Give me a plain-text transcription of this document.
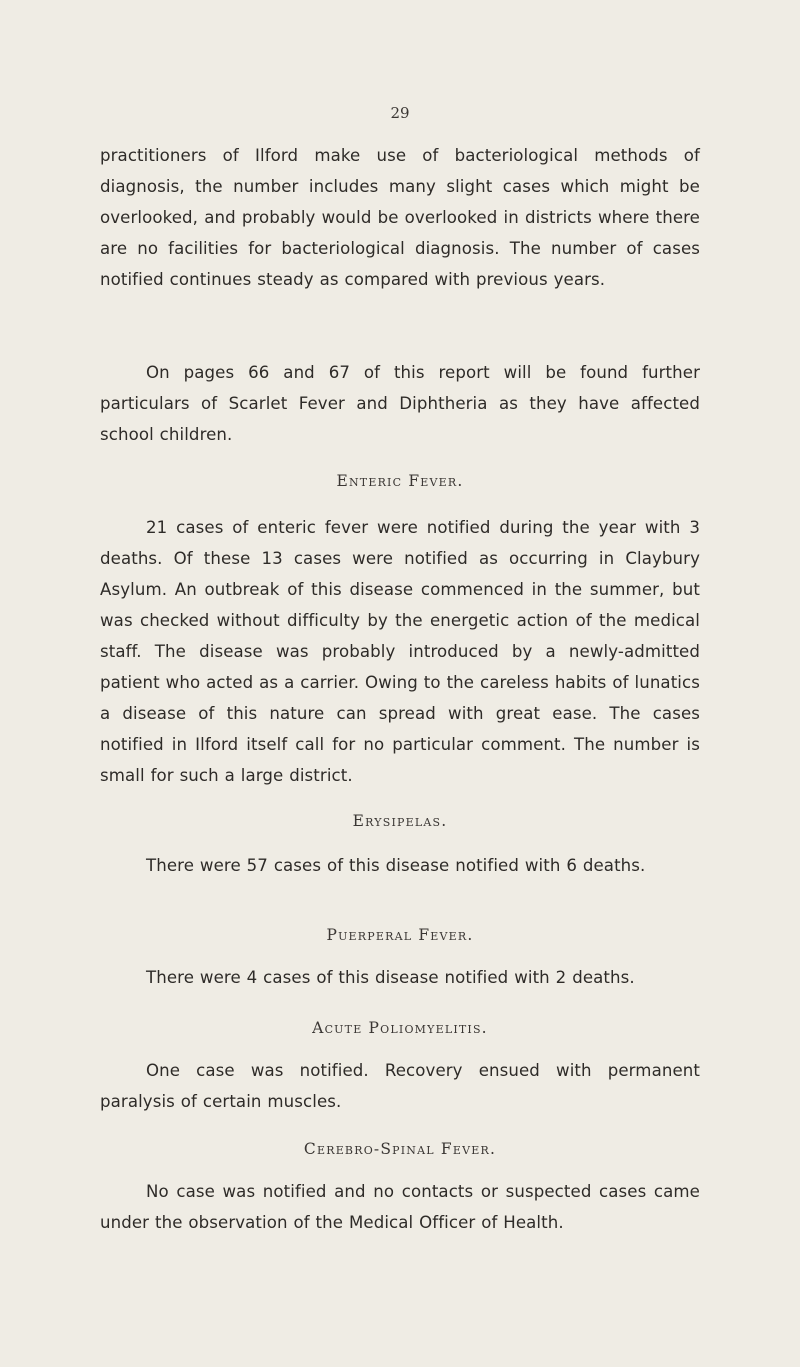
29

practitioners of Ilford make use of bacteriological methods of diagnosis, the number includes many slight cases which might be overlooked, and probably would be overlooked in districts where there are no facilities for bacteriological diagnosis. The number of cases notified continues steady as compared with previous years.

On pages 66 and 67 of this report will be found further particulars of Scarlet Fever and Diphtheria as they have affected school children.

Enteric Fever.

21 cases of enteric fever were notified during the year with 3 deaths. Of these 13 cases were notified as occurring in Claybury Asylum. An outbreak of this disease commenced in the summer, but was checked without difficulty by the energetic action of the medical staff. The disease was probably introduced by a newly-admitted patient who acted as a carrier. Owing to the careless habits of lunatics a disease of this nature can spread with great ease. The cases notified in Ilford itself call for no particular comment. The number is small for such a large district.

Erysipelas.

There were 57 cases of this disease notified with 6 deaths.

Puerperal Fever.

There were 4 cases of this disease notified with 2 deaths.

Acute Poliomyelitis.

One case was notified. Recovery ensued with permanent paralysis of certain muscles.

Cerebro-Spinal Fever.

No case was notified and no contacts or suspected cases came under the observation of the Medical Officer of Health.
